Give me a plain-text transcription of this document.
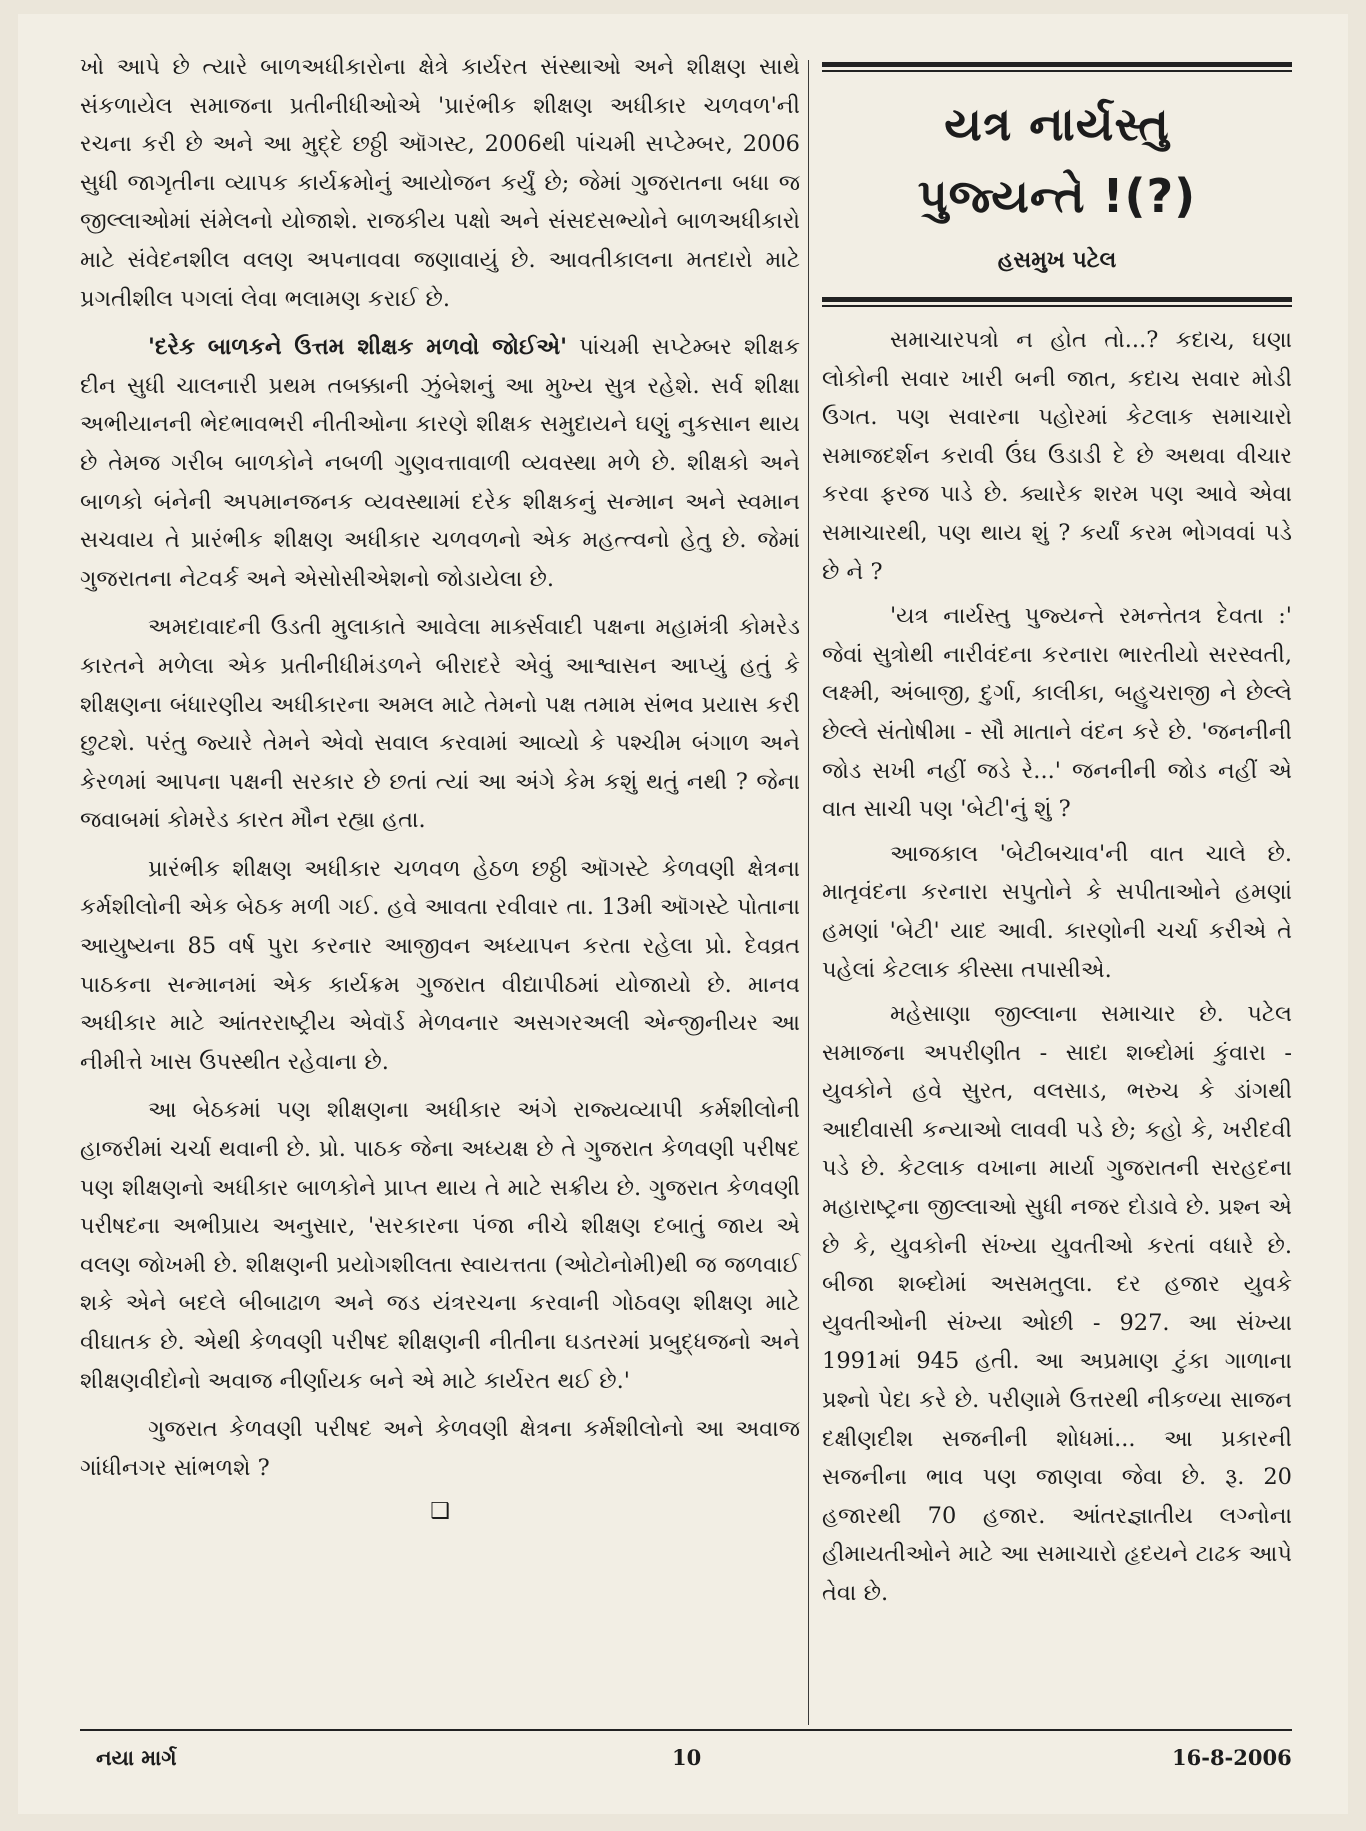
ખો આપે છે ત્યારે બાળઅધીકારોના ક્ષેત્રે કાર્યરત સંસ્થાઓ અને શીક્ષણ સાથે સંકળાયેલ સમાજના પ્રતીનીધીઓએ 'પ્રારંભીક શીક્ષણ અધીકાર ચળવળ'ની રચના કરી છે અને આ મુદ્દે છઠ્ઠી ઑગસ્ટ, 2006થી પાંચમી સપ્ટેમ્બર, 2006 સુધી જાગૃતીના વ્યાપક કાર્યક્રમોનું આયોજન કર્યું છે; જેમાં ગુજરાતના બધા જ જીલ્લાઓમાં સંમેલનો યોજાશે. રાજકીય પક્ષો અને સંસદસભ્યોને બાળઅધીકારો માટે સંવેદનશીલ વલણ અપનાવવા જણાવાયું છે. આવતીકાલના મતદારો માટે પ્રગતીશીલ પગલાં લેવા ભલામણ કરાઈ છે.

'દરેક બાળકને ઉત્તમ શીક્ષક મળવો જોઈએ' પાંચમી સપ્ટેમ્બર શીક્ષક દીન સુધી ચાલનારી પ્રથમ તબક્કાની ઝુંબેશનું આ મુખ્ય સુત્ર રહેશે. સર્વ શીક્ષા અભીયાનની ભેદભાવભરી નીતીઓના કારણે શીક્ષક સમુદાયને ઘણું નુકસાન થાય છે તેમજ ગરીબ બાળકોને નબળી ગુણવત્તાવાળી વ્યવસ્થા મળે છે. શીક્ષકો અને બાળકો બંનેની અપમાનજનક વ્યવસ્થામાં દરેક શીક્ષકનું સન્માન અને સ્વમાન સચવાય તે પ્રારંભીક શીક્ષણ અધીકાર ચળવળનો એક મહત્ત્વનો હેતુ છે. જેમાં ગુજરાતના નેટવર્ક અને એસોસીએશનો જોડાયેલા છે.

અમદાવાદની ઉડતી મુલાકાતે આવેલા માર્ક્સવાદી પક્ષના મહામંત્રી કોમરેડ કારતને મળેલા એક પ્રતીનીધીમંડળને બીરાદરે એવું આશ્વાસન આપ્યું હતું કે શીક્ષણના બંધારણીય અધીકારના અમલ માટે તેમનો પક્ષ તમામ સંભવ પ્રયાસ કરી છુટશે. પરંતુ જ્યારે તેમને એવો સવાલ કરવામાં આવ્યો કે પશ્ચીમ બંગાળ અને કેરળમાં આપના પક્ષની સરકાર છે છતાં ત્યાં આ અંગે કેમ કશું થતું નથી ? જેના જવાબમાં કોમરેડ કારત મૌન રહ્યા હતા.

પ્રારંભીક શીક્ષણ અધીકાર ચળવળ હેઠળ છઠ્ઠી ઑગસ્ટે કેળવણી ક્ષેત્રના કર્મશીલોની એક બેઠક મળી ગઈ. હવે આવતા રવીવાર તા. 13મી ઑગસ્ટે પોતાના આયુષ્યના 85 વર્ષ પુરા કરનાર આજીવન અધ્યાપન કરતા રહેલા પ્રો. દેવવ્રત પાઠકના સન્માનમાં એક કાર્યક્રમ ગુજરાત વીદ્યાપીઠમાં યોજાયો છે. માનવ અધીકાર માટે આંતરરાષ્ટ્રીય એવૉર્ડ મેળવનાર અસગરઅલી એન્જીનીયર આ નીમીત્તે ખાસ ઉપસ્થીત રહેવાના છે.

આ બેઠકમાં પણ શીક્ષણના અધીકાર અંગે રાજ્યવ્યાપી કર્મશીલોની હાજરીમાં ચર્ચા થવાની છે. પ્રો. પાઠક જેના અધ્યક્ષ છે તે ગુજરાત કેળવણી પરીષદ પણ શીક્ષણનો અધીકાર બાળકોને પ્રાપ્ત થાય તે માટે સક્રીય છે. ગુજરાત કેળવણી પરીષદના અભીપ્રાય અનુસાર, 'સરકારના પંજા નીચે શીક્ષણ દબાતું જાય એ વલણ જોખમી છે. શીક્ષણની પ્રયોગશીલતા સ્વાયત્તતા (ઓટોનોમી)થી જ જળવાઈ શકે એને બદલે બીબાઢાળ અને જડ યંત્રરચના કરવાની ગોઠવણ શીક્ષણ માટે વીઘાતક છે. એથી કેળવણી પરીષદ શીક્ષણની નીતીના ઘડતરમાં પ્રબુદ્ધજનો અને શીક્ષણવીદોનો અવાજ નીર્ણાયક બને એ માટે કાર્યરત થઈ છે.'

ગુજરાત કેળવણી પરીષદ અને કેળવણી ક્ષેત્રના કર્મશીલોનો આ અવાજ ગાંધીનગર સાંભળશે ?

❑
યત્ર નાર્યસ્તુ
પુજ્યન્તે !(?)
હસમુખ પટેલ

સમાચારપત્રો ન હોત તો...? કદાચ, ઘણા લોકોની સવાર ખારી બની જાત, કદાચ સવાર મોડી ઉગત. પણ સવારના પહોરમાં કેટલાક સમાચારો સમાજદર્શન કરાવી ઉંઘ ઉડાડી દે છે અથવા વીચાર કરવા ફરજ પાડે છે. ક્યારેક શરમ પણ આવે એવા સમાચારથી, પણ થાય શું ? કર્યાં કરમ ભોગવવાં પડે છે ને ?

'યત્ર નાર્યસ્તુ પુજ્યન્તે રમન્તેતત્ર દેવતા :' જેવાં સુત્રોથી નારીવંદના કરનારા ભારતીયો સરસ્વતી, લક્ષ્મી, અંબાજી, દુર્ગા, કાલીકા, બહુચરાજી ને છેલ્લે છેલ્લે સંતોષીમા - સૌ માતાને વંદન કરે છે. 'જનનીની જોડ સખી નહીં જડે રે...' જનનીની જોડ નહીં એ વાત સાચી પણ 'બેટી'નું શું ?

આજકાલ 'બેટીબચાવ'ની વાત ચાલે છે. માતૃવંદના કરનારા સપુતોને કે સપીતાઓને હમણાં હમણાં 'બેટી' યાદ આવી. કારણોની ચર્ચા કરીએ તે પહેલાં કેટલાક કીસ્સા તપાસીએ.

મહેસાણા જીલ્લાના સમાચાર છે. પટેલ સમાજના અપરીણીત - સાદા શબ્દોમાં કુંવારા - યુવકોને હવે સુરત, વલસાડ, ભરુચ કે ડાંગથી આદીવાસી કન્યાઓ લાવવી પડે છે; કહો કે, ખરીદવી પડે છે. કેટલાક વખાના માર્યા ગુજરાતની સરહદના મહારાષ્ટ્રના જીલ્લાઓ સુધી નજર દોડાવે છે. પ્રશ્ન એ છે કે, યુવકોની સંખ્યા યુવતીઓ કરતાં વધારે છે. બીજા શબ્દોમાં અસમતુલા. દર હજાર યુવકે યુવતીઓની સંખ્યા ઓછી - 927. આ સંખ્યા 1991માં 945 હતી. આ અપ્રમાણ ટુંકા ગાળાના પ્રશ્નો પેદા કરે છે. પરીણામે ઉત્તરથી નીકળ્યા સાજન દક્ષીણદીશ સજનીની શોધમાં... આ પ્રકારની સજનીના ભાવ પણ જાણવા જેવા છે. રૂ. 20 હજારથી 70 હજાર. આંતરજ્ઞાતીય લગ્નોના હીમાયતીઓને માટે આ સમાચારો હૃદયને ટાઢક આપે તેવા છે.

નયા માર્ગ	10	16-8-2006
